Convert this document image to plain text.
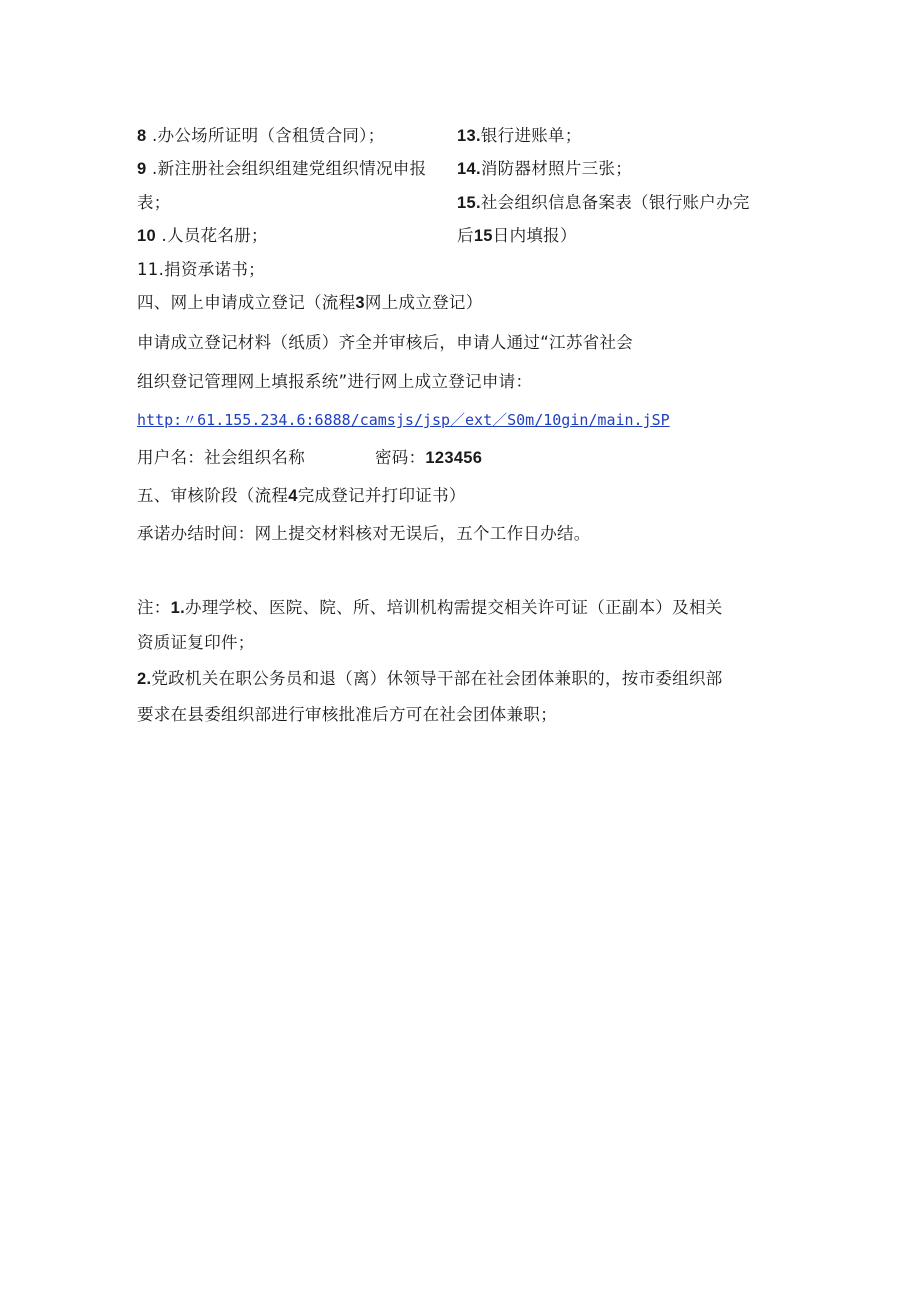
8 .办公场所证明（含租赁合同）；	13.银行进账单；
9 .新注册社会组织组建党组织情况申报 14.消防器材照片三张；
表；	15.社会组织信息备案表（银行账户办完
10 .人员花名册；	后15日内填报）
11.捐资承诺书；
四、网上申请成立登记（流程3网上成立登记）
申请成立登记材料（纸质）齐全并审核后，申请人通过“江苏省社会
组织登记管理网上填报系统”进行网上成立登记申请：
http:〃61.155.234.6:6888/camsjs/jsp／ext／S0m/10gin/main.jSP
用户名：社会组织名称	密码：123456
五、审核阶段（流程4完成登记并打印证书）
承诺办结时间：网上提交材料核对无误后，五个工作日办结。
注：1.办理学校、医院、院、所、培训机构需提交相关许可证（正副本）及相关
资质证复印件；
2.党政机关在职公务员和退（离）休领导干部在社会团体兼职的，按市委组织部
要求在县委组织部进行审核批准后方可在社会团体兼职；
